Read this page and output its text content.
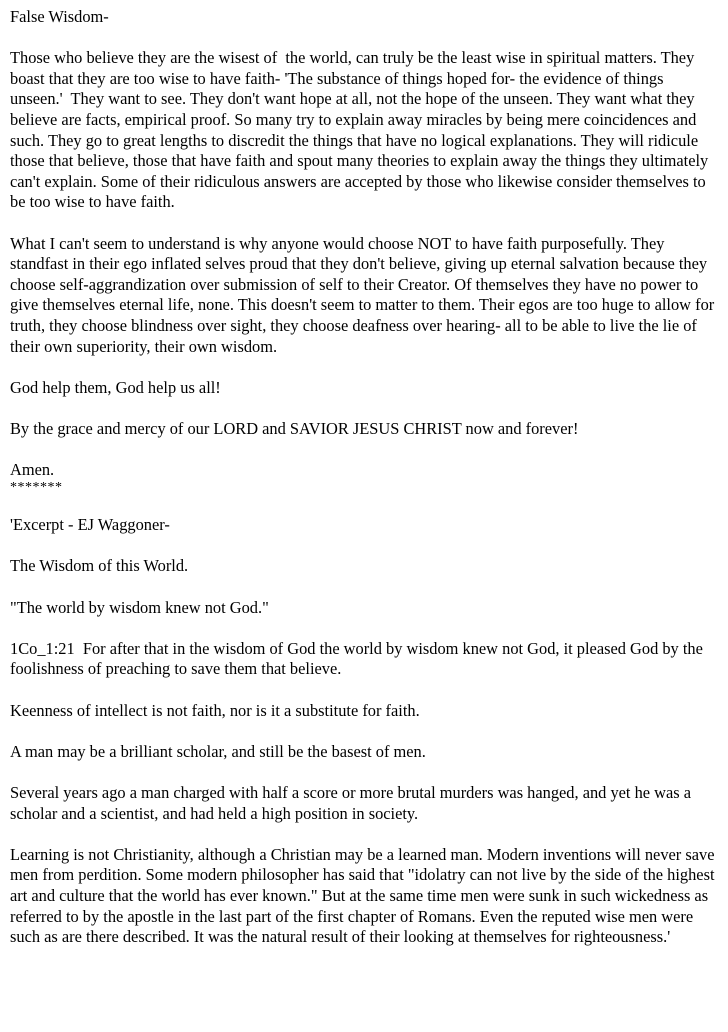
False Wisdom-

Those who believe they are the wisest of  the world, can truly be the least wise in spiritual matters. They boast that they are too wise to have faith- 'The substance of things hoped for- the evidence of things unseen.'  They want to see. They don't want hope at all, not the hope of the unseen. They want what they believe are facts, empirical proof. So many try to explain away miracles by being mere coincidences and such. They go to great lengths to discredit the things that have no logical explanations. They will ridicule those that believe, those that have faith and spout many theories to explain away the things they ultimately can't explain. Some of their ridiculous answers are accepted by those who likewise consider themselves to be too wise to have faith.

What I can't seem to understand is why anyone would choose NOT to have faith purposefully. They standfast in their ego inflated selves proud that they don't believe, giving up eternal salvation because they choose self-aggrandization over submission of self to their Creator. Of themselves they have no power to give themselves eternal life, none. This doesn't seem to matter to them. Their egos are too huge to allow for truth, they choose blindness over sight, they choose deafness over hearing- all to be able to live the lie of their own superiority, their own wisdom.

God help them, God help us all!

By the grace and mercy of our LORD and SAVIOR JESUS CHRIST now and forever!

Amen.
*******

'Excerpt - EJ Waggoner-

The Wisdom of this World.

"The world by wisdom knew not God."

1Co_1:21  For after that in the wisdom of God the world by wisdom knew not God, it pleased God by the foolishness of preaching to save them that believe.

Keenness of intellect is not faith, nor is it a substitute for faith.

A man may be a brilliant scholar, and still be the basest of men.

Several years ago a man charged with half a score or more brutal murders was hanged, and yet he was a scholar and a scientist, and had held a high position in society.

Learning is not Christianity, although a Christian may be a learned man. Modern inventions will never save men from perdition. Some modern philosopher has said that "idolatry can not live by the side of the highest art and culture that the world has ever known." But at the same time men were sunk in such wickedness as referred to by the apostle in the last part of the first chapter of Romans. Even the reputed wise men were such as are there described. It was the natural result of their looking at themselves for righteousness.'
